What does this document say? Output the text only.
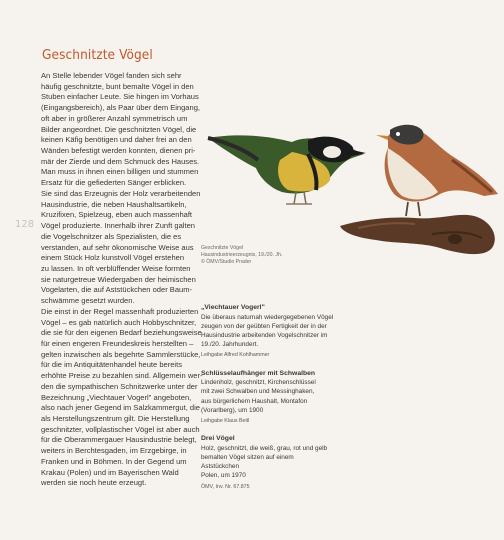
Geschnitzte Vögel
128
An Stelle lebender Vögel fanden sich sehr
häufig geschnitzte, bunt bemalte Vögel in den
Stuben einfacher Leute. Sie hingen im Vorhaus
(Eingangsbereich), als Paar über dem Eingang,
oft aber in größerer Anzahl symmetrisch um
Bilder angeordnet. Die geschnitzten Vögel, die
keinen Käfig benötigen und daher frei an den
Wänden befestigt werden konnten, dienen pri-
mär der Zierde und dem Schmuck des Hauses.
Man muss in ihnen einen billigen und stummen
Ersatz für die gefiederten Sänger erblicken.
Sie sind das Erzeugnis der Holz verarbeitenden
Hausindustrie, die neben Haushaltsartikeln,
Kruzifixen, Spielzeug, eben auch massenhaft
Vögel produzierte. Innerhalb ihrer Zunft galten
die Vogelschnitzer als Spezialisten, die es
verstanden, auf sehr ökonomische Weise aus
einem Stück Holz kunstvoll Vögel erstehen
zu lassen. In oft verblüffender Weise formten
sie naturgetreue Wiedergaben der heimischen
Vogelarten, die auf Aststückchen oder Baum-
schwämme gesetzt wurden.
Die einst in der Regel massenhaft produzierten
Vögel – es gab natürlich auch Hobbyschnitzer,
die sie für den eigenen Bedarf beziehungsweise
für einen engeren Freundeskreis herstellten –
gelten inzwischen als begehrte Sammlerstücke,
für die im Antiquitätenhandel heute bereits
erhöhte Preise zu bezahlen sind. Allgemein wer-
den die sympathischen Schnitzwerke unter der
Bezeichnung „Viechtauer Vogerl" angeboten,
also nach jener Gegend im Salzkammergut, die
als Herstellungszentrum gilt. Die Herstellung
geschnitzter, vollplastischer Vögel ist aber auch
für die Oberammergauer Hausindustrie belegt,
weiters in Berchtesgaden, im Erzgebirge, in
Franken und in Böhmen. In der Gegend um
Krakau (Polen) und im Bayerischen Wald
werden sie noch heute erzeugt.
Geschnitzte Vögel
Hausindustrieerzeugnis, 19./20. Jh.
© ÖMV/Studio Prader
„Viechtauer Vogerl"
Die überaus naturnah wiedergegebenen Vögel
zeugen von der geübten Fertigkeit der in der
Hausindustrie arbeitenden Vogelschnitzer im
19./20. Jahrhundert.
Leihgabe Alfred Kohlhammer
Schlüsselaufhänger mit Schwalben
Lindenholz, geschnitzt, Kirchenschlüssel
mit zwei Schwalben und Messinghaken,
aus bürgerlichem Haushalt, Montafon
(Vorarlberg), um 1900
Leihgabe Klaus Beitl
Drei Vögel
Holz, geschnitzt, die weiß, grau, rot und gelb
bemalten Vögel sitzen auf einem
Aststückchen
Polen, um 1970
ÖMV, Inv. Nr. 67.875
